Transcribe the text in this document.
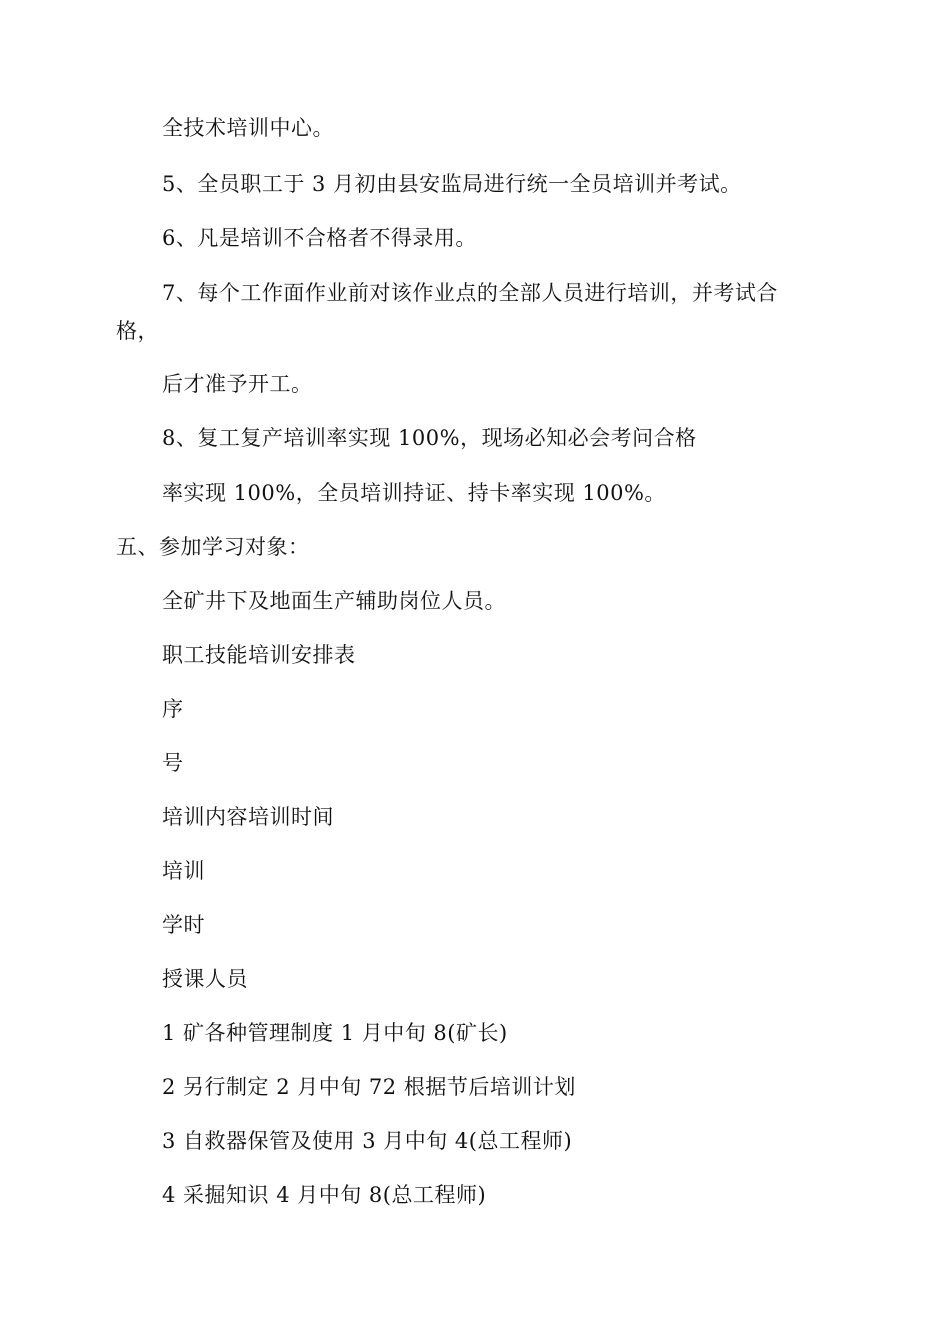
全技术培训中心。
5、全员职工于 3 月初由县安监局进行统一全员培训并考试。
6、凡是培训不合格者不得录用。
7、每个工作面作业前对该作业点的全部人员进行培训，并考试合
格，
后才准予开工。
8、复工复产培训率实现 100%，现场必知必会考问合格
率实现 100%，全员培训持证、持卡率实现 100%。
五、参加学习对象：
全矿井下及地面生产辅助岗位人员。
职工技能培训安排表
序
号
培训内容培训时间
培训
学时
授课人员
1 矿各种管理制度 1 月中旬 8(矿长)
2 另行制定 2 月中旬 72 根据节后培训计划
3 自救器保管及使用 3 月中旬 4(总工程师)
4 采掘知识 4 月中旬 8(总工程师)
